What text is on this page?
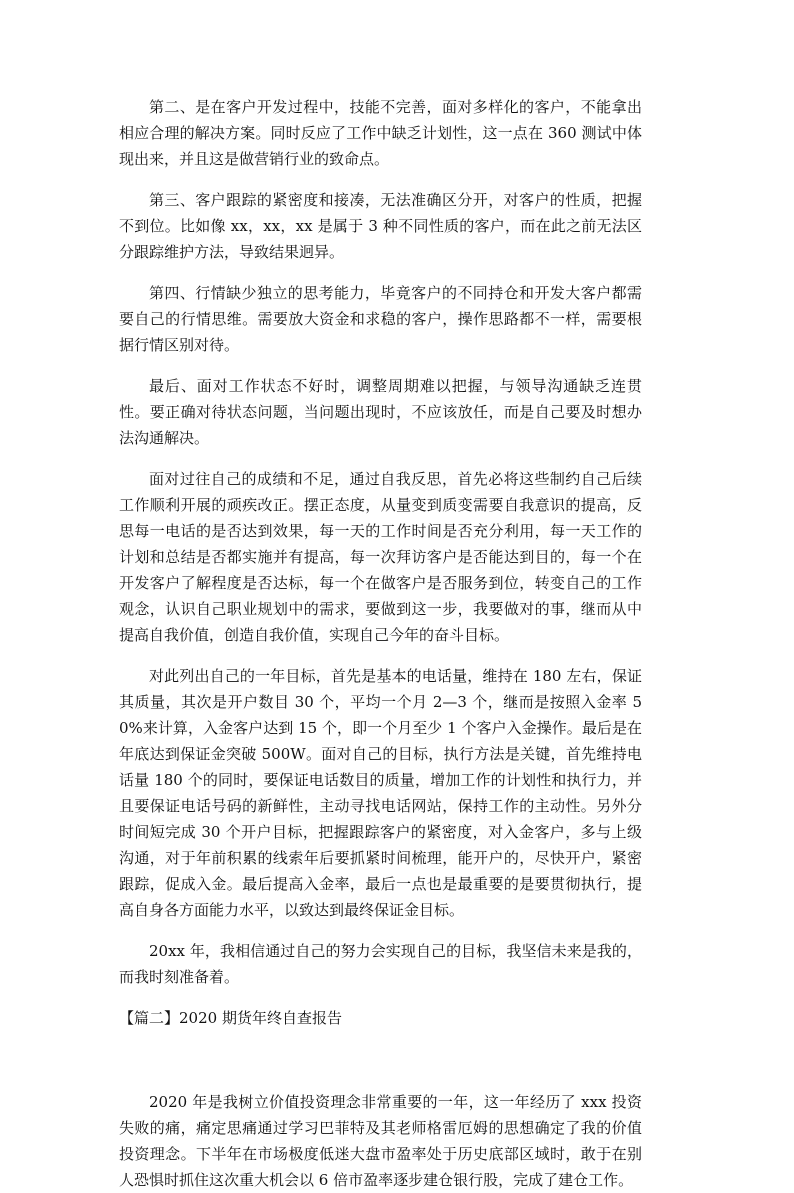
第二、是在客户开发过程中，技能不完善，面对多样化的客户，不能拿出相应合理的解决方案。同时反应了工作中缺乏计划性，这一点在 360 测试中体现出来，并且这是做营销行业的致命点。

第三、客户跟踪的紧密度和接凑，无法准确区分开，对客户的性质，把握不到位。比如像 xx，xx，xx 是属于 3 种不同性质的客户，而在此之前无法区分跟踪维护方法，导致结果迥异。

第四、行情缺少独立的思考能力，毕竟客户的不同持仓和开发大客户都需要自己的行情思维。需要放大资金和求稳的客户，操作思路都不一样，需要根据行情区别对待。

最后、面对工作状态不好时，调整周期难以把握，与领导沟通缺乏连贯性。要正确对待状态问题，当问题出现时，不应该放任，而是自己要及时想办法沟通解决。

面对过往自己的成绩和不足，通过自我反思，首先必将这些制约自己后续工作顺利开展的顽疾改正。摆正态度，从量变到质变需要自我意识的提高，反思每一电话的是否达到效果，每一天的工作时间是否充分利用，每一天工作的计划和总结是否都实施并有提高，每一次拜访客户是否能达到目的，每一个在开发客户了解程度是否达标，每一个在做客户是否服务到位，转变自己的工作观念，认识自己职业规划中的需求，要做到这一步，我要做对的事，继而从中提高自我价值，创造自我价值，实现自己今年的奋斗目标。

对此列出自己的一年目标，首先是基本的电话量，维持在 180 左右，保证其质量，其次是开户数目 30 个，平均一个月 2—3 个，继而是按照入金率 50%来计算，入金客户达到 15 个，即一个月至少 1 个客户入金操作。最后是在年底达到保证金突破 500W。面对自己的目标，执行方法是关键，首先维持电话量 180 个的同时，要保证电话数目的质量，增加工作的计划性和执行力，并且要保证电话号码的新鲜性，主动寻找电话网站，保持工作的主动性。另外分时间短完成 30 个开户目标，把握跟踪客户的紧密度，对入金客户，多与上级沟通，对于年前积累的线索年后要抓紧时间梳理，能开户的，尽快开户，紧密跟踪，促成入金。最后提高入金率，最后一点也是最重要的是要贯彻执行，提高自身各方面能力水平，以致达到最终保证金目标。

20xx 年，我相信通过自己的努力会实现自己的目标，我坚信未来是我的，而我时刻准备着。

【篇二】2020 期货年终自查报告

2020 年是我树立价值投资理念非常重要的一年，这一年经历了 xxx 投资失败的痛，痛定思痛通过学习巴菲特及其老师格雷厄姆的思想确定了我的价值投资理念。下半年在市场极度低迷大盘市盈率处于历史底部区域时，敢于在别人恐惧时抓住这次重大机会以 6 倍市盈率逐步建仓银行股，完成了建仓工作。
